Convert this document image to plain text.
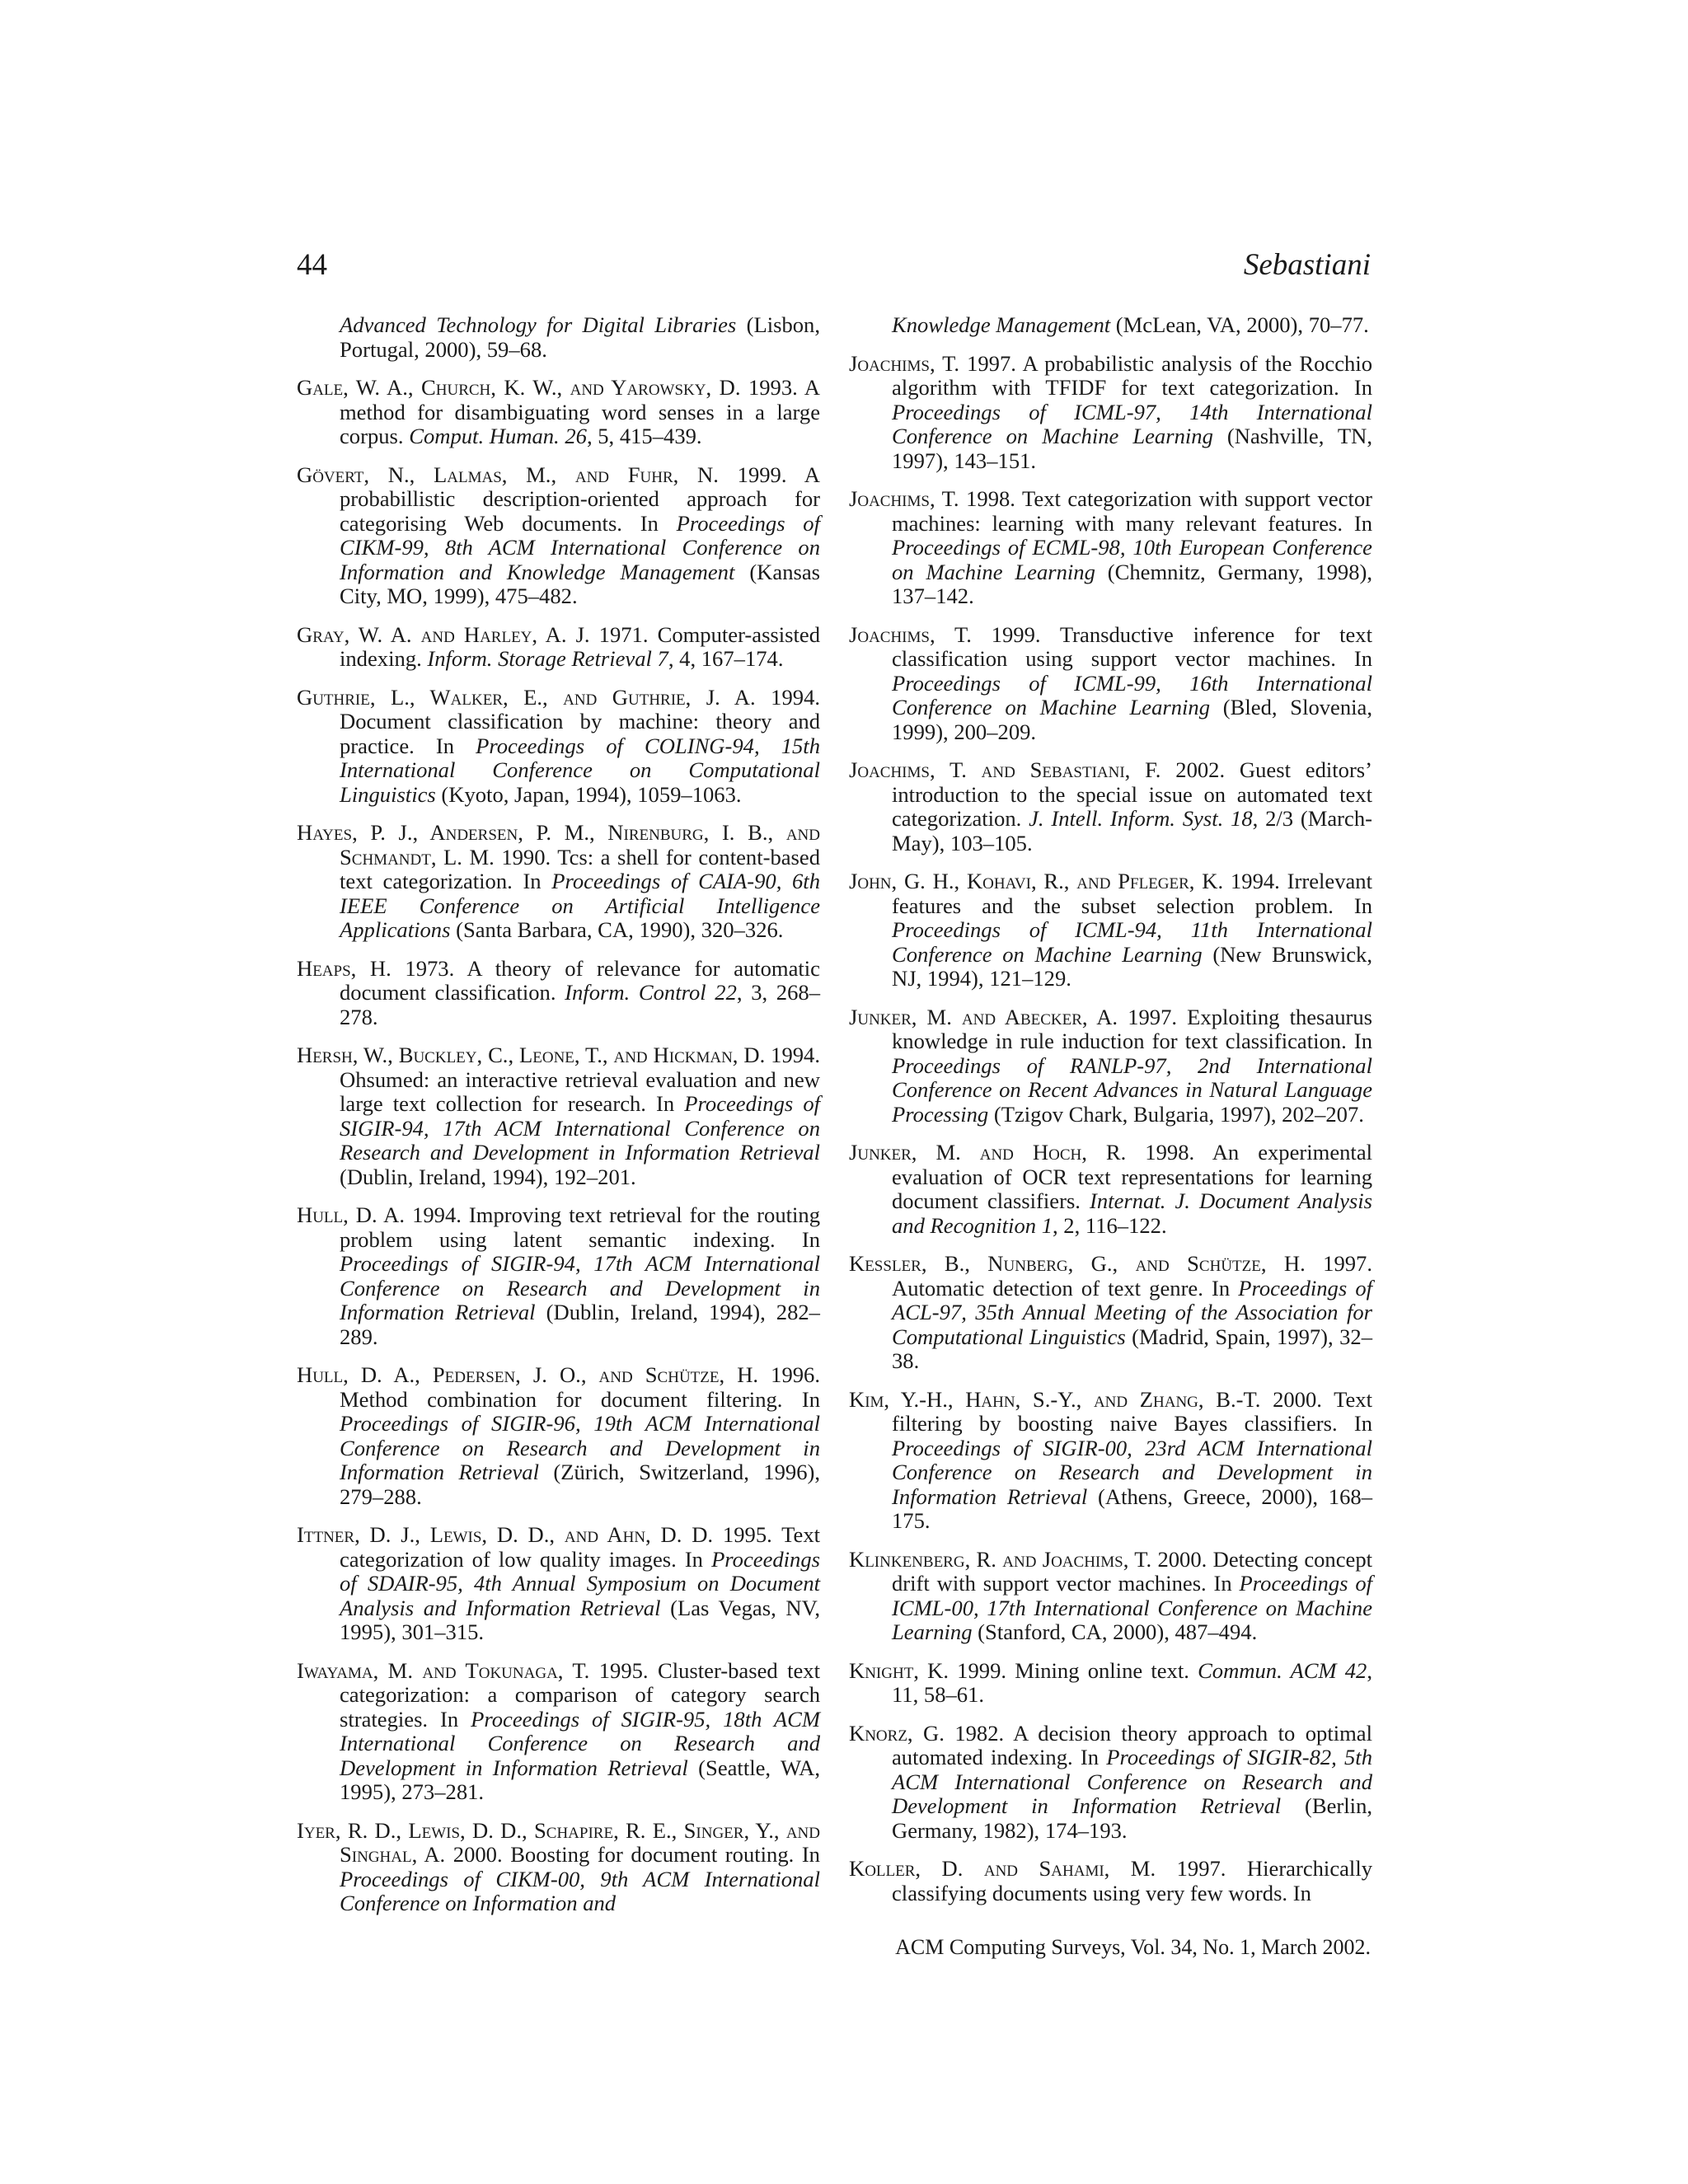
44	Sebastiani

Advanced Technology for Digital Libraries (Lisbon, Portugal, 2000), 59–68.

Gale, W. A., Church, K. W., and Yarowsky, D. 1993. A method for disambiguating word senses in a large corpus. Comput. Human. 26, 5, 415–439.

Gövert, N., Lalmas, M., and Fuhr, N. 1999. A probabillistic description-oriented approach for categorising Web documents. In Proceedings of CIKM-99, 8th ACM International Conference on Information and Knowledge Management (Kansas City, MO, 1999), 475–482.

Gray, W. A. and Harley, A. J. 1971. Computer-assisted indexing. Inform. Storage Retrieval 7, 4, 167–174.

Guthrie, L., Walker, E., and Guthrie, J. A. 1994. Document classification by machine: theory and practice. In Proceedings of COLING-94, 15th International Conference on Computational Linguistics (Kyoto, Japan, 1994), 1059–1063.

Hayes, P. J., Andersen, P. M., Nirenburg, I. B., and Schmandt, L. M. 1990. Tcs: a shell for content-based text categorization. In Proceedings of CAIA-90, 6th IEEE Conference on Artificial Intelligence Applications (Santa Barbara, CA, 1990), 320–326.

Heaps, H. 1973. A theory of relevance for automatic document classification. Inform. Control 22, 3, 268–278.

Hersh, W., Buckley, C., Leone, T., and Hickman, D. 1994. Ohsumed: an interactive retrieval evaluation and new large text collection for research. In Proceedings of SIGIR-94, 17th ACM International Conference on Research and Development in Information Retrieval (Dublin, Ireland, 1994), 192–201.

Hull, D. A. 1994. Improving text retrieval for the routing problem using latent semantic indexing. In Proceedings of SIGIR-94, 17th ACM International Conference on Research and Development in Information Retrieval (Dublin, Ireland, 1994), 282–289.

Hull, D. A., Pedersen, J. O., and Schütze, H. 1996. Method combination for document filtering. In Proceedings of SIGIR-96, 19th ACM International Conference on Research and Development in Information Retrieval (Zürich, Switzerland, 1996), 279–288.

Ittner, D. J., Lewis, D. D., and Ahn, D. D. 1995. Text categorization of low quality images. In Proceedings of SDAIR-95, 4th Annual Symposium on Document Analysis and Information Retrieval (Las Vegas, NV, 1995), 301–315.

Iwayama, M. and Tokunaga, T. 1995. Cluster-based text categorization: a comparison of category search strategies. In Proceedings of SIGIR-95, 18th ACM International Conference on Research and Development in Information Retrieval (Seattle, WA, 1995), 273–281.

Iyer, R. D., Lewis, D. D., Schapire, R. E., Singer, Y., and Singhal, A. 2000. Boosting for document routing. In Proceedings of CIKM-00, 9th ACM International Conference on Information and

Knowledge Management (McLean, VA, 2000), 70–77.

Joachims, T. 1997. A probabilistic analysis of the Rocchio algorithm with TFIDF for text categorization. In Proceedings of ICML-97, 14th International Conference on Machine Learning (Nashville, TN, 1997), 143–151.

Joachims, T. 1998. Text categorization with support vector machines: learning with many relevant features. In Proceedings of ECML-98, 10th European Conference on Machine Learning (Chemnitz, Germany, 1998), 137–142.

Joachims, T. 1999. Transductive inference for text classification using support vector machines. In Proceedings of ICML-99, 16th International Conference on Machine Learning (Bled, Slovenia, 1999), 200–209.

Joachims, T. and Sebastiani, F. 2002. Guest editors’ introduction to the special issue on automated text categorization. J. Intell. Inform. Syst. 18, 2/3 (March-May), 103–105.

John, G. H., Kohavi, R., and Pfleger, K. 1994. Irrelevant features and the subset selection problem. In Proceedings of ICML-94, 11th International Conference on Machine Learning (New Brunswick, NJ, 1994), 121–129.

Junker, M. and Abecker, A. 1997. Exploiting thesaurus knowledge in rule induction for text classification. In Proceedings of RANLP-97, 2nd International Conference on Recent Advances in Natural Language Processing (Tzigov Chark, Bulgaria, 1997), 202–207.

Junker, M. and Hoch, R. 1998. An experimental evaluation of OCR text representations for learning document classifiers. Internat. J. Document Analysis and Recognition 1, 2, 116–122.

Kessler, B., Nunberg, G., and Schütze, H. 1997. Automatic detection of text genre. In Proceedings of ACL-97, 35th Annual Meeting of the Association for Computational Linguistics (Madrid, Spain, 1997), 32–38.

Kim, Y.-H., Hahn, S.-Y., and Zhang, B.-T. 2000. Text filtering by boosting naive Bayes classifiers. In Proceedings of SIGIR-00, 23rd ACM International Conference on Research and Development in Information Retrieval (Athens, Greece, 2000), 168–175.

Klinkenberg, R. and Joachims, T. 2000. Detecting concept drift with support vector machines. In Proceedings of ICML-00, 17th International Conference on Machine Learning (Stanford, CA, 2000), 487–494.

Knight, K. 1999. Mining online text. Commun. ACM 42, 11, 58–61.

Knorz, G. 1982. A decision theory approach to optimal automated indexing. In Proceedings of SIGIR-82, 5th ACM International Conference on Research and Development in Information Retrieval (Berlin, Germany, 1982), 174–193.

Koller, D. and Sahami, M. 1997. Hierarchically classifying documents using very few words. In

ACM Computing Surveys, Vol. 34, No. 1, March 2002.
